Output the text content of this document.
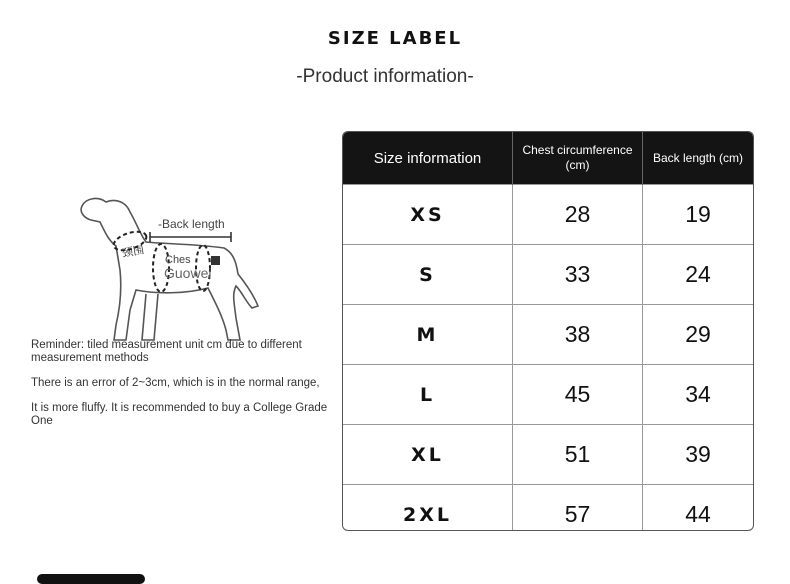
SIZE LABEL
-Product information-
-Back length
Ches
Guowei
颈围

Reminder: tiled measurement unit cm due to different measurement methods

There is an error of 2~3cm, which is in the normal range,

It is more fluffy. It is recommended to buy a College Grade One

Size information	Chest circumference (cm)	Back length (cm)
XS	28	19
S	33	24
M	38	29
L	45	34
XL	51	39
2XL	57	44
